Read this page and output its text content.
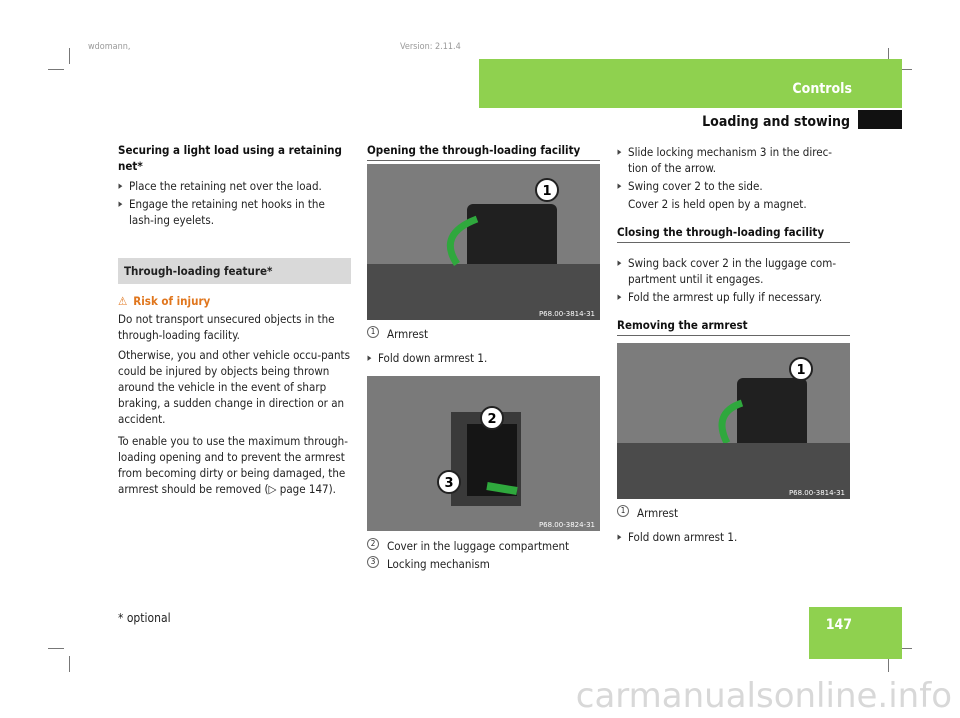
wdomann,	Version: 2.11.4
Controls
Loading and stowing
Securing a light load using a retaining net*
▶ Place the retaining net over the load.
▶ Engage the retaining net hooks in the lash-ing eyelets.
Through-loading feature*
⚠ Risk of injury
Do not transport unsecured objects in the through-loading facility.
Otherwise, you and other vehicle occu-pants could be injured by objects being thrown around the vehicle in the event of sharp braking, a sudden change in direction or an accident.
To enable you to use the maximum through-loading opening and to prevent the armrest from becoming dirty or being damaged, the armrest should be removed (▷ page 147).
Opening the through-loading facility
1
P68.00-3814-31
1	Armrest
▶ Fold down armrest 1.
2
3
P68.00-3824-31
2	Cover in the luggage compartment
3	Locking mechanism
▶ Slide locking mechanism 3 in the direc-tion of the arrow.
▶ Swing cover 2 to the side.
Cover 2 is held open by a magnet.
Closing the through-loading facility
▶ Swing back cover 2 in the luggage com-partment until it engages.
▶ Fold the armrest up fully if necessary.
Removing the armrest
1
P68.00-3814-31
1	Armrest
▶ Fold down armrest 1.
147
* optional
carmanualsonline.info
